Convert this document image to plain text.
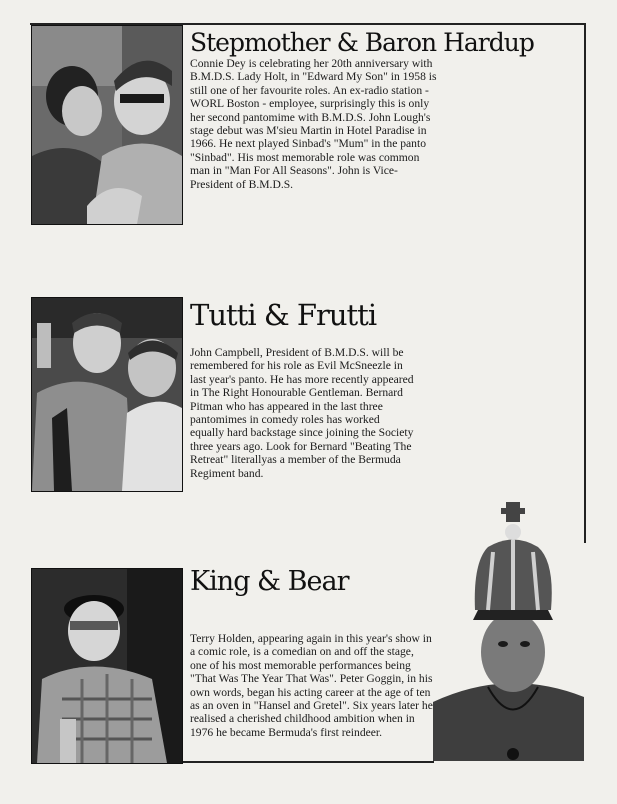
Stepmother & Baron Hardup

Connie Dey is celebrating her 20th anniversary with B.M.D.S. Lady Holt, in "Edward My Son" in 1958 is still one of her favourite roles. An ex-radio station - WORL Boston - employee, surprisingly this is only her second pantomime with B.M.D.S. John Lough's stage debut was M'sieu Martin in Hotel Paradise in 1966. He next played Sinbad's "Mum" in the panto "Sinbad". His most memorable role was common man in "Man For All Seasons". John is Vice-President of B.M.D.S.

Tutti & Frutti

John Campbell, President of B.M.D.S. will be remembered for his role as Evil McSneezle in last year's panto. He has more recently appeared in The Right Honourable Gentleman. Bernard Pitman who has appeared in the last three pantomimes in comedy roles has worked equally hard backstage since joining the Society three years ago. Look for Bernard "Beating The Retreat" literallyas a member of the Bermuda Regiment band.

King & Bear

Terry Holden, appearing again in this year's show in a comic role, is a comedian on and off the stage, one of his most memorable performances being "That Was The Year That Was". Peter Goggin, in his own words, began his acting career at the age of ten as an oven in "Hansel and Gretel". Six years later he realised a cherished childhood ambition when in 1976 he became Bermuda's first reindeer.
